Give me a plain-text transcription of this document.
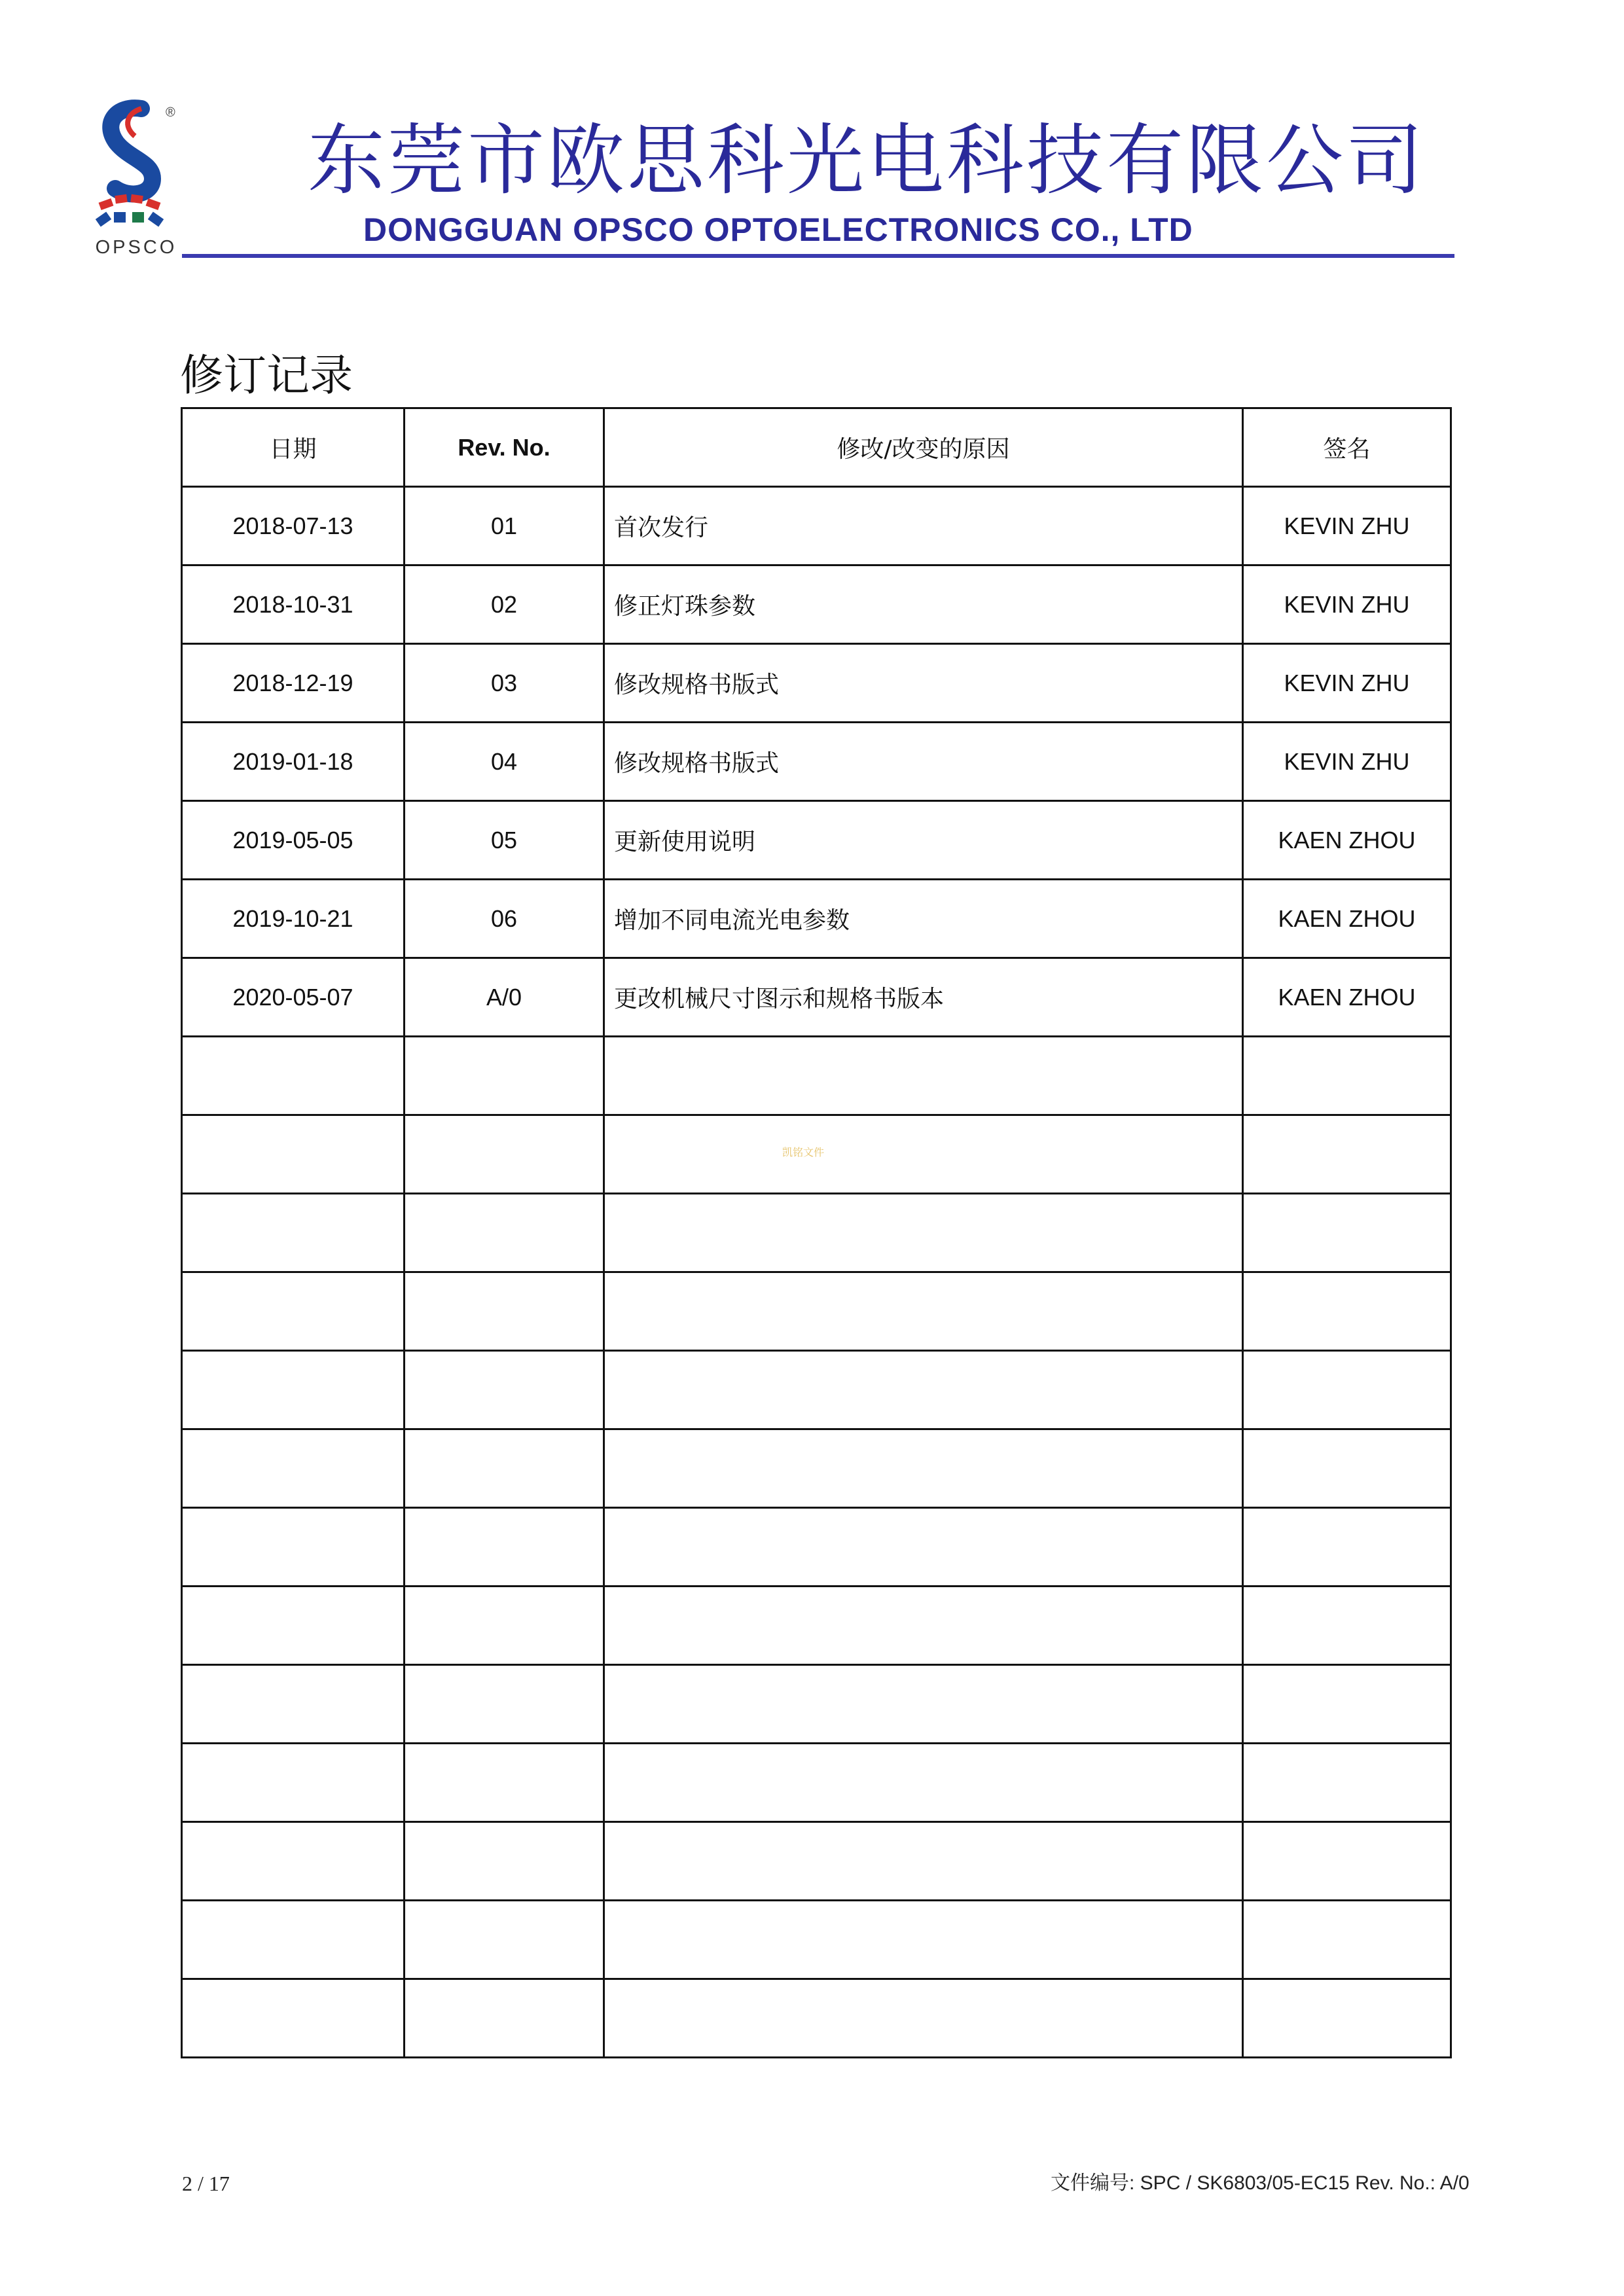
®
OPSCO
东莞市欧思科光电科技有限公司
DONGGUAN OPSCO OPTOELECTRONICS CO., LTD
修订记录
日期	Rev. No.	修改/改变的原因	签名
2018-07-13	01	首次发行	KEVIN ZHU
2018-10-31	02	修正灯珠参数	KEVIN ZHU
2018-12-19	03	修改规格书版式	KEVIN ZHU
2019-01-18	04	修改规格书版式	KEVIN ZHU
2019-05-05	05	更新使用说明	KAEN ZHOU
2019-10-21	06	增加不同电流光电参数	KAEN ZHOU
2020-05-07	A/0	更改机械尺寸图示和规格书版本	KAEN ZHOU

凯铭文件
2 / 17	文件编号: SPC / SK6803/05-EC15 Rev. No.: A/0
